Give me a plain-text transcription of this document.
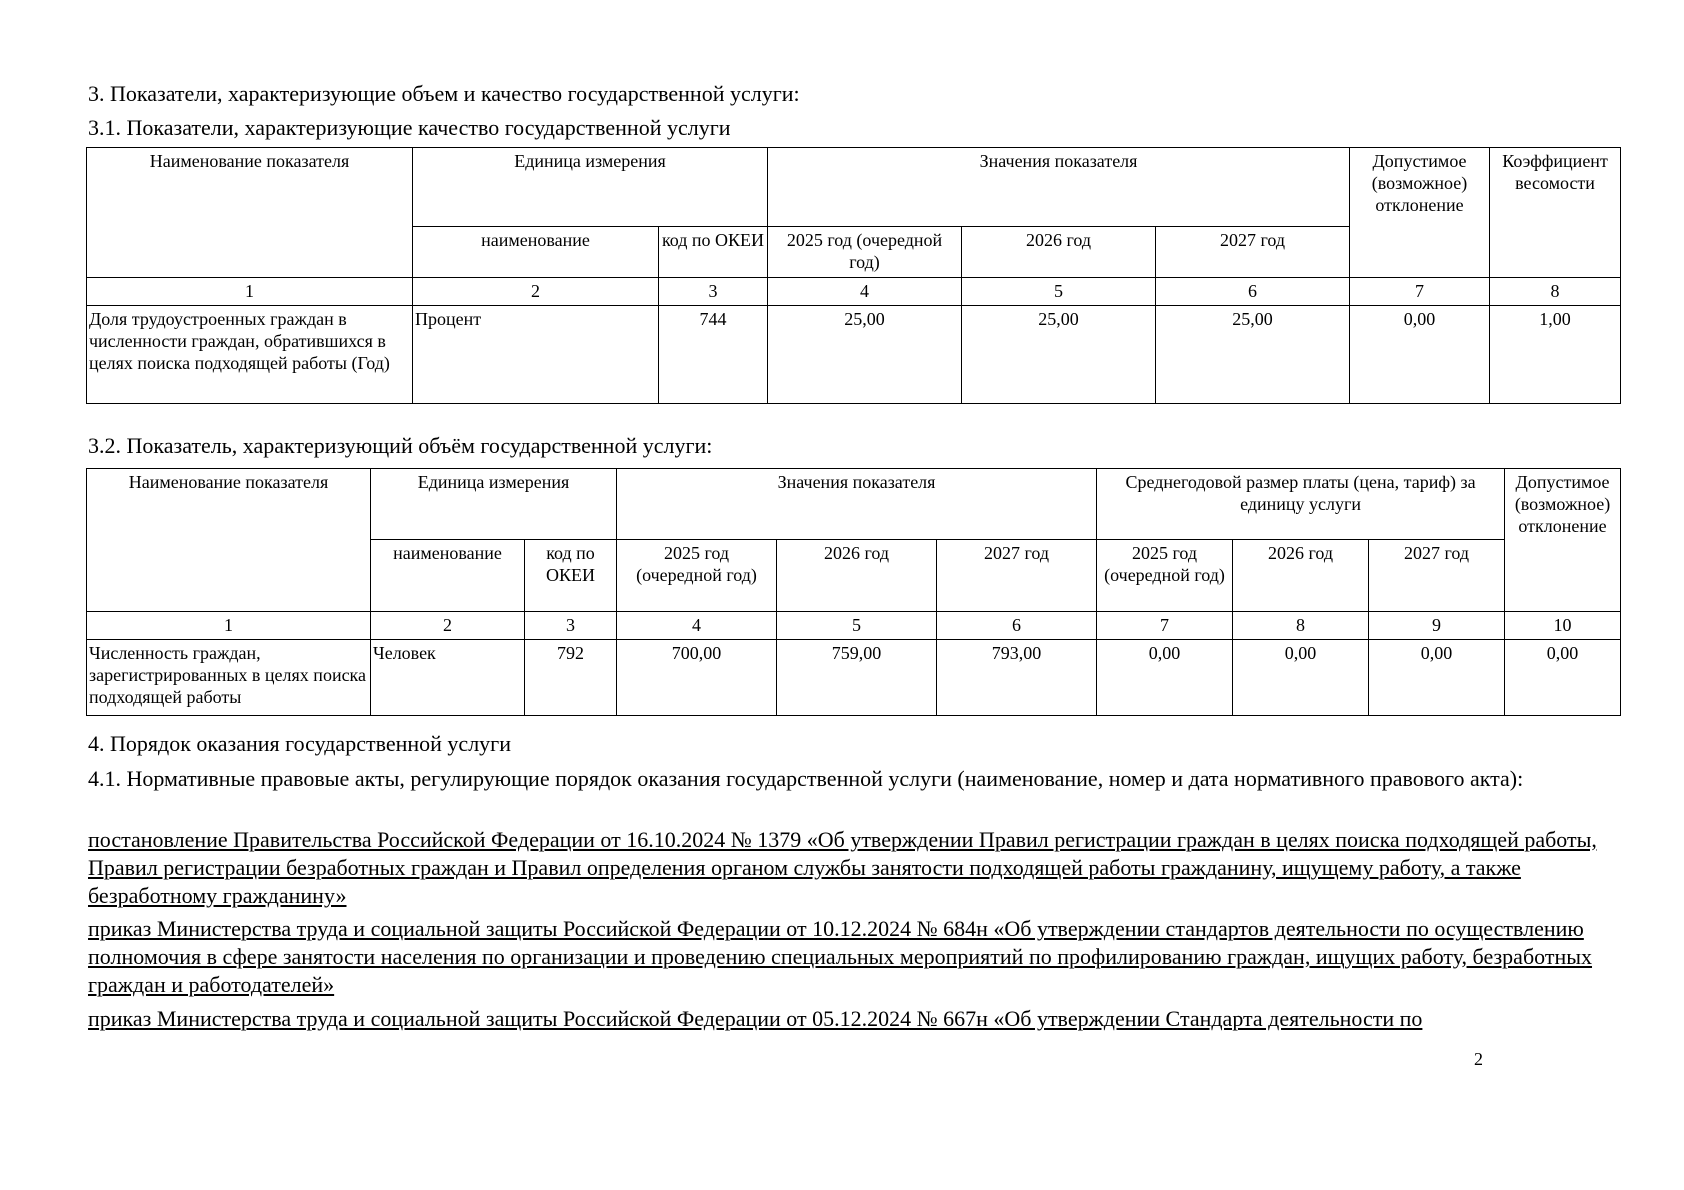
3. Показатели, характеризующие объем и качество государственной услуги:

3.1. Показатели, характеризующие качество государственной услуги

Наименование показателя	Единица измерения		Значения показателя			Допустимое (возможное) отклонение	Коэффициент весомости
	наименование	код по ОКЕИ	2025 год (очередной год)	2026 год	2027 год		
1	2	3	4	5	6	7	8
Доля трудоустроенных граждан в численности граждан, обратившихся в целях поиска подходящей работы (Год)	Процент	744	25,00	25,00	25,00	0,00	1,00

3.2. Показатель, характеризующий объём государственной услуги:

Наименование показателя	Единица измерения		Значения показателя			Среднегодовой размер платы (цена, тариф) за единицу услуги			Допустимое (возможное) отклонение
	наименование	код по ОКЕИ	2025 год (очередной год)	2026 год	2027 год	2025 год (очередной год)	2026 год	2027 год	
1	2	3	4	5	6	7	8	9	10
Численность граждан, зарегистрированных в целях поиска подходящей работы	Человек	792	700,00	759,00	793,00	0,00	0,00	0,00	0,00

4. Порядок оказания государственной услуги

4.1. Нормативные правовые акты, регулирующие порядок оказания государственной услуги (наименование, номер и дата нормативного правового акта):

постановление Правительства Российской Федерации от 16.10.2024 № 1379 «Об утверждении Правил регистрации граждан в целях поиска подходящей работы, Правил регистрации безработных граждан и Правил определения органом службы занятости подходящей работы гражданину, ищущему работу, а также безработному гражданину»

приказ Министерства труда и социальной защиты Российской Федерации от 10.12.2024 № 684н «Об утверждении стандартов деятельности по осуществлению полномочия в сфере занятости населения по организации и проведению специальных мероприятий по профилированию граждан, ищущих работу, безработных граждан и работодателей»

приказ Министерства труда и социальной защиты Российской Федерации от 05.12.2024 № 667н «Об утверждении Стандарта деятельности по

2
